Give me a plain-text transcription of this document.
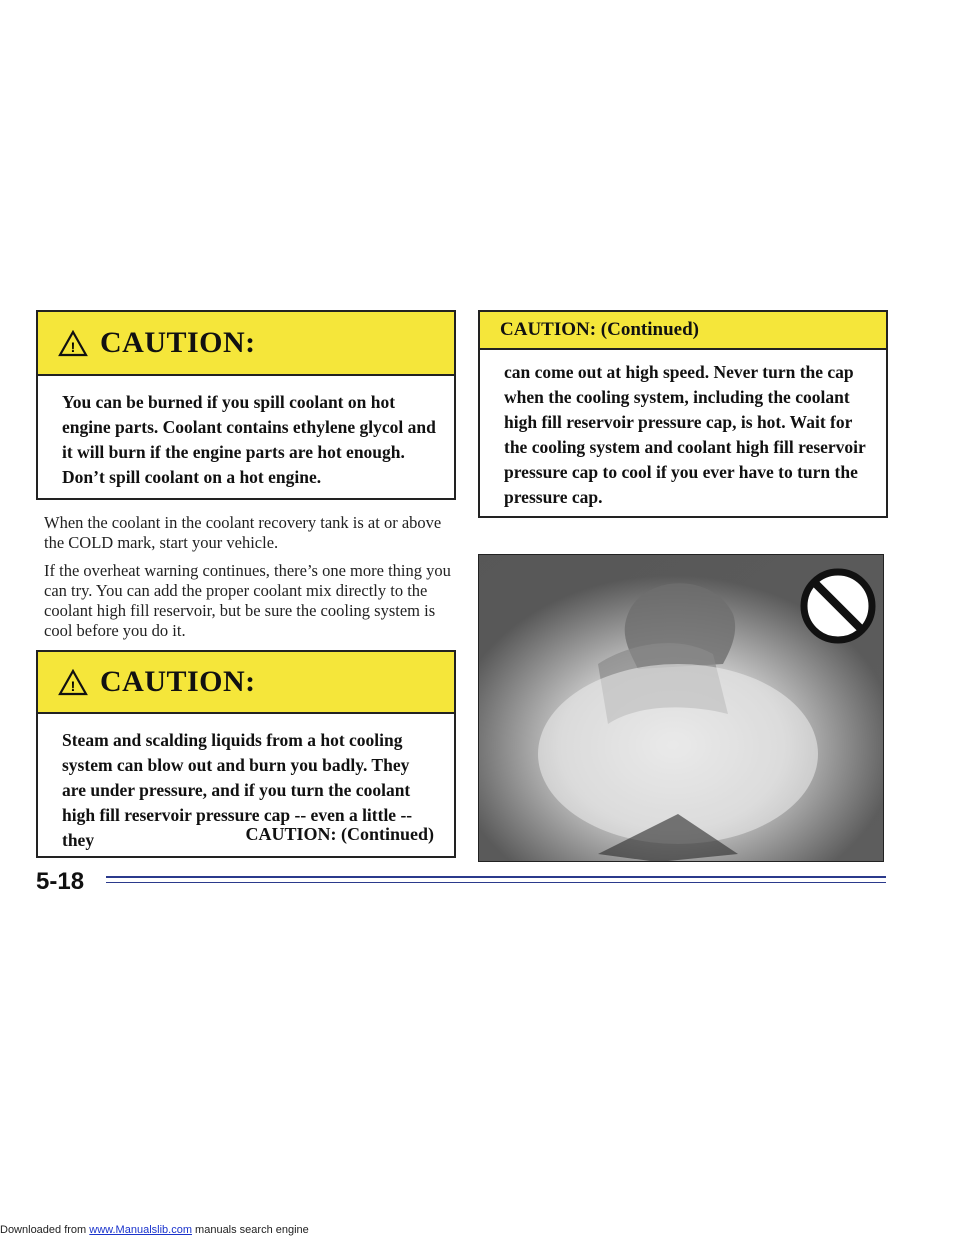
! CAUTION:
You can be burned if you spill coolant on hot engine parts. Coolant contains ethylene glycol and it will burn if the engine parts are hot enough. Don’t spill coolant on a hot engine.
When the coolant in the coolant recovery tank is at or above the COLD mark, start your vehicle.
If the overheat warning continues, there’s one more thing you can try. You can add the proper coolant mix directly to the coolant high fill reservoir, but be sure the cooling system is cool before you do it.
! CAUTION:
Steam and scalding liquids from a hot cooling system can blow out and burn you badly. They are under pressure, and if you turn the coolant high fill reservoir pressure cap -- even a little -- they	CAUTION: (Continued)
CAUTION: (Continued)
can come out at high speed. Never turn the cap when the cooling system, including the coolant high fill reservoir pressure cap, is hot. Wait for the cooling system and coolant high fill reservoir pressure cap to cool if you ever have to turn the pressure cap.
5-18
Downloaded from www.Manualslib.com manuals search engine
